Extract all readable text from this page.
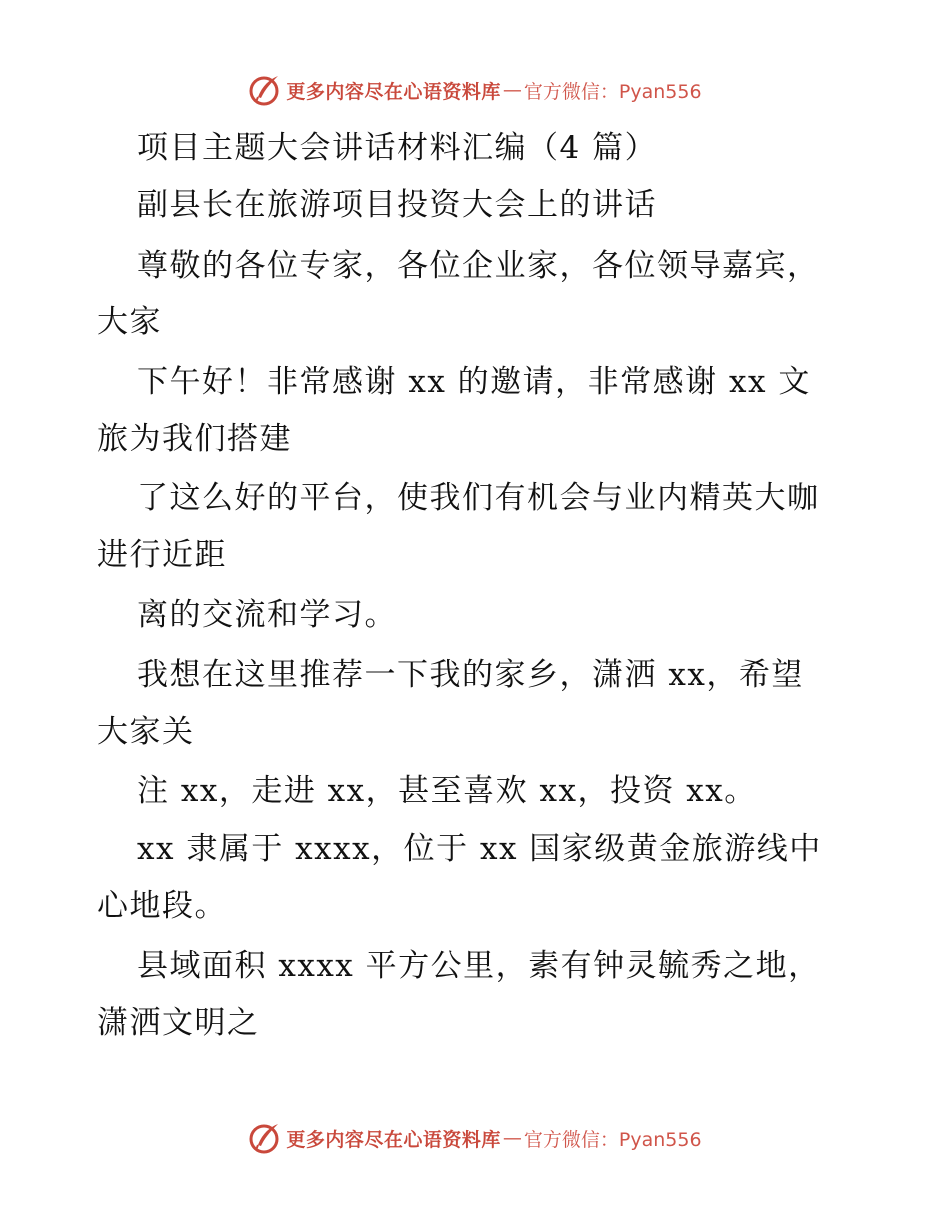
更多内容尽在心语资料库 — 官方微信：Pyan556
项目主题大会讲话材料汇编（4 篇）
副县长在旅游项目投资大会上的讲话
尊敬的各位专家，各位企业家，各位领导嘉宾，
大家
下午好！非常感谢 xx 的邀请，非常感谢 xx 文
旅为我们搭建
了这么好的平台，使我们有机会与业内精英大咖
进行近距
离的交流和学习。
我想在这里推荐一下我的家乡，潇洒 xx，希望
大家关
注 xx，走进 xx，甚至喜欢 xx，投资 xx。
xx 隶属于 xxxx，位于 xx 国家级黄金旅游线中
心地段。
县域面积 xxxx 平方公里，素有钟灵毓秀之地，
潇洒文明之
更多内容尽在心语资料库 — 官方微信：Pyan556
